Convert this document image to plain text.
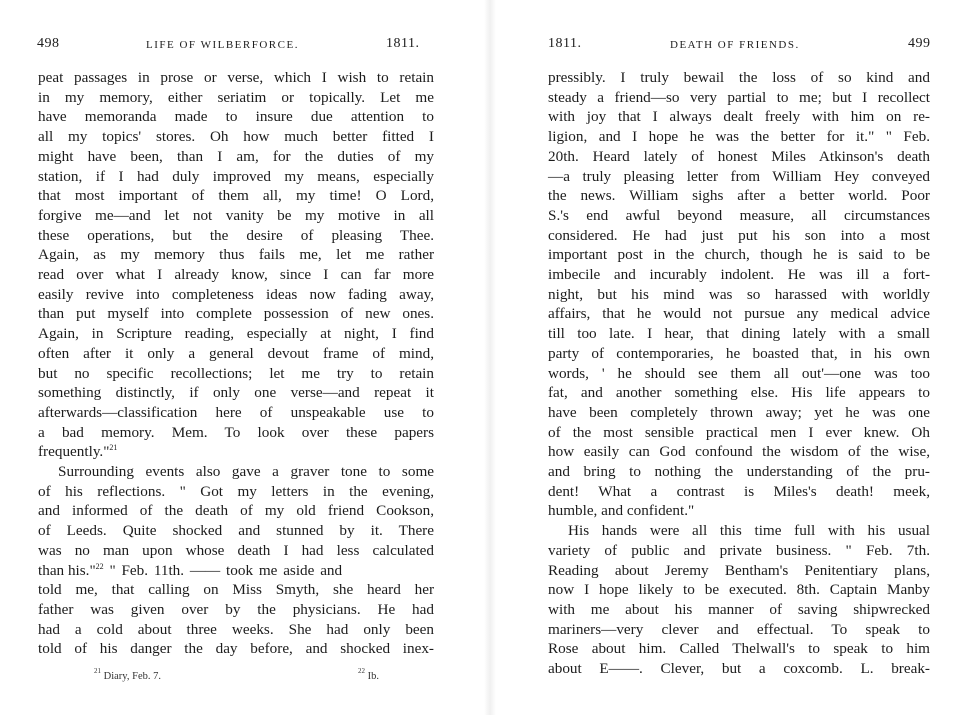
498	LIFE OF WILBERFORCE.	1811.

peat passages in prose or verse, which I wish to retain
in my memory, either seriatim or topically. Let me
have memoranda made to insure due attention to
all my topics' stores. Oh how much better fitted I
might have been, than I am, for the duties of my
station, if I had duly improved my means, especially
that most important of them all, my time! O Lord,
forgive me—and let not vanity be my motive in all
these operations, but the desire of pleasing Thee.
Again, as my memory thus fails me, let me rather
read over what I already know, since I can far more
easily revive into completeness ideas now fading away,
than put myself into complete possession of new ones.
Again, in Scripture reading, especially at night, I find
often after it only a general devout frame of mind,
but no specific recollections; let me try to retain
something distinctly, if only one verse—and repeat it
afterwards—classification here of unspeakable use to
a bad memory. Mem. To look over these papers
frequently."$^{21}$

Surrounding events also gave a graver tone to some
of his reflections. " Got my letters in the evening,
and informed of the death of my old friend Cookson,
of Leeds. Quite shocked and stunned by it. There
was no man upon whose death I had less calculated
than his."$^{22}$ " Feb. 11th. —— took me aside and
told me, that calling on Miss Smyth, she heard her
father was given over by the physicians. He had
had a cold about three weeks. She had only been
told of his danger the day before, and shocked inex-

$^{21}$ Diary, Feb. 7.	$^{22}$ Ib.
1811.	DEATH OF FRIENDS.	499

pressibly. I truly bewail the loss of so kind and
steady a friend—so very partial to me; but I recollect
with joy that I always dealt freely with him on re-
ligion, and I hope he was the better for it." " Feb.
20th. Heard lately of honest Miles Atkinson's death
—a truly pleasing letter from William Hey conveyed
the news. William sighs after a better world. Poor
S.'s end awful beyond measure, all circumstances
considered. He had just put his son into a most
important post in the church, though he is said to be
imbecile and incurably indolent. He was ill a fort-
night, but his mind was so harassed with worldly
affairs, that he would not pursue any medical advice
till too late. I hear, that dining lately with a small
party of contemporaries, he boasted that, in his own
words, ' he should see them all out'—one was too
fat, and another something else. His life appears to
have been completely thrown away; yet he was one
of the most sensible practical men I ever knew. Oh
how easily can God confound the wisdom of the wise,
and bring to nothing the understanding of the pru-
dent! What a contrast is Miles's death! meek,
humble, and confident."

His hands were all this time full with his usual
variety of public and private business. " Feb. 7th.
Reading about Jeremy Bentham's Penitentiary plans,
now I hope likely to be executed. 8th. Captain Manby
with me about his manner of saving shipwrecked
mariners—very clever and effectual. To speak to
Rose about him. Called Thelwall's to speak to him
about E——. Clever, but a coxcomb. L. break-
